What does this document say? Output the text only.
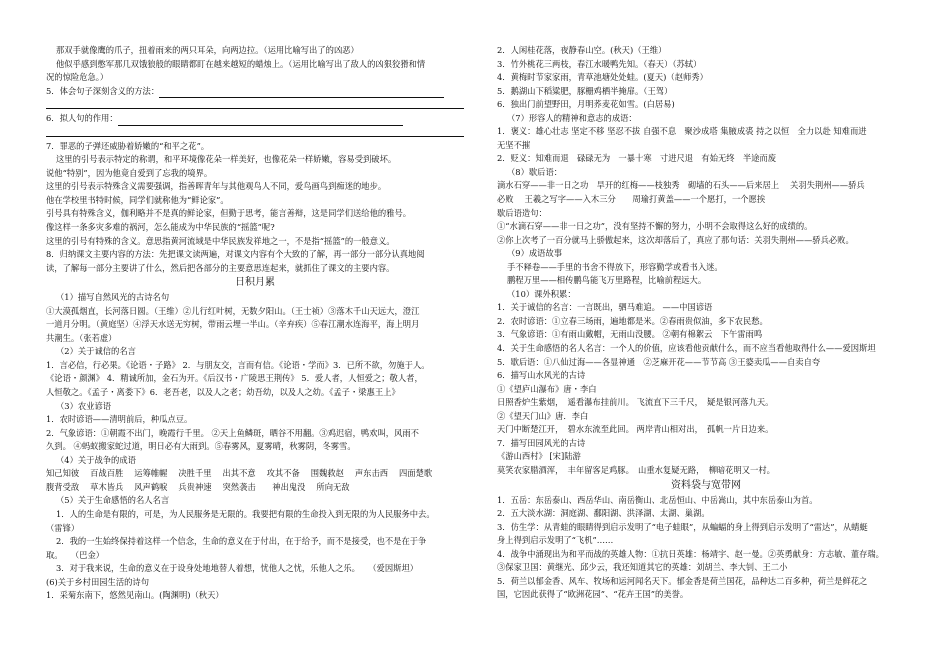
那双手就像鹰的爪子，扭着雨来的两只耳朵，向两边拉。（运用比喻写出了的凶恶）
他似乎感到憋军那几双饿狼般的眼睛都盯在越来越短的蜡烛上。（运用比喻写出了敌人的凶狠狡猾和情
况的惊险危急。）
5．体会句子深刻含义的方法：
6．拟人句的作用：
7．罪恶的子弹还威胁着娇嫩的“和平之花”。
这里的引号表示特定的称谓，和平环境像花朵一样美好，也像花朵一样娇嫩，容易受到破坏。
说他“特别”，因为他竟自爱到了忘我的境界。
这里的引号表示特殊含义需要强调，指善晖青年与其他观鸟人不同，爱鸟画鸟到痴迷的地步。
他在学校里书特时候，同学们就称他为“鲜论家”。
引号具有特殊含义，伽利略并不是真的鲜论家，但勤于思考，能言善辩，这是同学们送给他的雅号。
像这样一条多灾多难的祸河，怎么能成为中华民族的“摇篮”呢?
这里的引号有特殊的含义。意思指黄河流域是中华民族发祥地之一，不是指“摇篮”的一般意义。
8．归纳课文主要内容的方法：先把课文读两遍，对课文内容有个大致的了解，再一部分一部分认真地阅
读，了解每一部分主要讲了什么，然后把各部分的主要意思连起来，就抓住了课文的主要内容。
日积月累
（1）描写自然风光的古诗名句
①大漠孤烟直，长河落日圆。（王维）②儿行红叶树，无数夕阳山。（王士祯）③落木千山天远大，澄江
一道月分明。（黄庭坚）④浮天水送无穷树，带雨云埋一半山。（辛弃疾）⑤春江潮水连海平，海上明月
共潮生。（张若虚）
（2）关于诚信的名言
1．言必信，行必果。《论语・子路》 2．与朋友交，言而有信。《论语・学而》3．已所不欲，勿施于人。
《论语・颜渊》 4．精诚所加，金石为开。《后汉书・广陵思王荆传》 5．爱人者，人恒爱之；敬人者，
人恒敬之。《孟子・离娄下》6．老吾老，以及人之老；幼吾幼，以及人之幼。《孟子・梁惠王上》
（3）农业谚语
1．农时谚语——清明前后，种瓜点豆。
2．气象谚语：①朝霞不出门，晚霞行千里。 ②天上鱼鳞斑，晒谷不用翻。③鸡迟宿，鸭欢叫，风雨不
久到。 ④蚂蚁搬家蛇过道，明日必有大雨到。⑤春雾风，夏雾晴，秋雾阴，冬雾雪。
（4）关于战争的成语
知己知彼　 百战百胜　 运筹帷幄　 决胜千里　 出其不意　 攻其不备　 围魏救赵　 声东击西　 四面楚歌
腹背受敌　 草木皆兵　 风声鹤唳　 兵贵神速　 突然袭击　　神出鬼没　 所向无敌
（5）关于生命感悟的名人名言
1．人的生命是有限的，可是，为人民服务是无限的。我要把有限的生命投入到无限的为人民服务中去。
（雷锋）
2．我的一生始终保持着这样一个信念，生命的意义在于付出，在于给予，而不是接受，也不是在于争
取。　　（巴金）
3．对于我来说，生命的意义在于设身处地地替人着想，忧他人之忧，乐他人之乐。　　（爱因斯坦）
(6)关于乡村田园生活的诗句
1．采菊东南下，悠然见南山。(陶渊明)（秋天）
2．人闲桂花落，夜静春山空。(秋天)（王维）
3．竹外桃花三两枝，春江水暖鸭先知。（春天）（苏轼）
4．黄梅时节家家雨，青草池塘处处蛙。(夏天)（赵师秀）
5．鹅湖山下稻粱肥，豚栅鸡栖半掩扉。（王驾）
6．独出门前望野田，月明荞麦花如雪。(白居易)
（7）形容人的精神和意志的成语：
1．褒义：雄心壮志 坚定不移 坚忍不拔 自强不息　聚沙成塔 集腋成裘 持之以恒　全力以赴 知难而进
无坚不摧
2．贬义：知难而退　碌碌无为　一暴十寒　寸进尺退　有始无终　半途而废
（8）歇后语：
滴水石穿——非一日之功　旱开的红梅——枝独秀　砌墙的石头——后来居上　 关羽失荆州——骄兵
必败　 王羲之写字——入木三分　　周瑜打黄盖——一个愿打，一个愿挨
歇后语造句：
①“水滴石穿——非一日之功”，没有坚持不懈的努力，小明不会取得这么好的成绩的。
②你上次考了一百分就马上骄傲起来，这次却落后了，真应了那句话：关羽失荆州——骄兵必败。
（9）成语故事
手不释卷——手里的书舍不得放下，形容勤学或看书入迷。
鹏程万里——相传鹏鸟能飞万里路程，比喻前程远大。
（10）课外积累：
1．关于诚信的名言：一言既出，驷马难追。 ——中国谚语
2．农时谚语：①立春三场雨，遍地都是米。②春雨贵似油，多下农民愁。
3．气象谚语：①有雨山戴帽，无雨山没腰。 ②朝有棉絮云　下午雷雨鸣
4．关于生命感悟的名人名言：一个人的价值，应该看他贡献什么，而不应当看他取得什么——爱因斯坦
5．歇后语：①八仙过海——各显神通　②芝麻开花——节节高 ③王婆卖瓜——自卖自夸
6．描写山水风光的古诗
①《望庐山瀑布》唐・李白
日照香炉生紫烟，　遥看瀑布挂前川。 飞流直下三千尺，　疑是银河落九天。
②《望天门山》唐．李白
天门中断楚江开，　碧水东流至此回。 两岸青山相对出，　孤帆一片日边来。
7．描写田园风光的古诗
《游山西村》 [宋]陆游
莫笑农家腊酒浑，　丰年留客足鸡豚。　山重水复疑无路，　柳暗花明又一村。
资料袋与宽带网
1．五岳：东岳泰山、西岳华山、南岳衡山、北岳恒山、中岳嵩山，其中东岳泰山为首。
2．五大淡水湖：洞庭湖、鄱阳湖、洪泽湖、太湖、巢湖。
3．仿生学：从青蛙的眼睛得到启示发明了“电子蛙眼”，从蝙蝠的身上得到启示发明了“雷达”，从蜻蜓
身上得到启示发明了“飞机”……
4．战争中涌现出为和平而战的英雄人物：①抗日英雄：杨靖宇、赵一曼。②英勇献身：方志敏、董存瑞。
③保家卫国：黄继光、邱少云，我还知道其它的英雄：刘胡兰、李大钊、王二小
5．荷兰以郁金香、风车、牧场和运河闻名天下。郁金香是荷兰国花，品种达二百多种，荷兰是鲜花之
国，它因此获得了“欧洲花园”、“花卉王国”的美誉。
